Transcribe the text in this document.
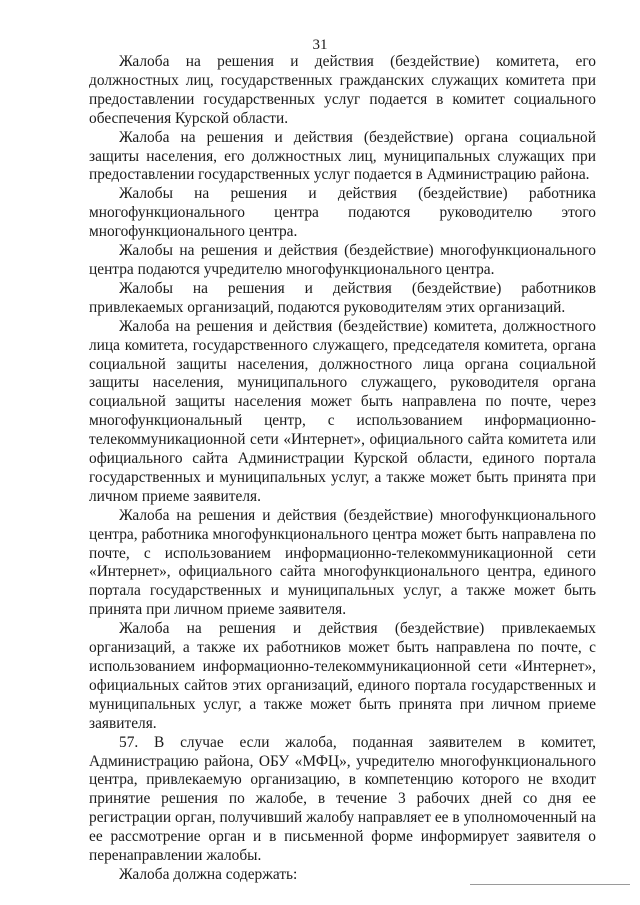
31

Жалоба на решения и действия (бездействие) комитета, его должностных лиц, государственных гражданских служащих комитета при предоставлении государственных услуг подается в комитет социального обеспечения Курской области.

Жалоба на решения и действия (бездействие) органа социальной защиты населения, его должностных лиц, муниципальных служащих при предоставлении государственных услуг подается в Администрацию района.

Жалобы на решения и действия (бездействие) работника многофункционального центра подаются руководителю этого многофункционального центра.

Жалобы на решения и действия (бездействие) многофункционального центра подаются учредителю многофункционального центра.

Жалобы на решения и действия (бездействие) работников привлекаемых организаций, подаются руководителям этих организаций.

Жалоба на решения и действия (бездействие) комитета, должностного лица комитета, государственного служащего, председателя комитета, органа социальной защиты населения, должностного лица органа социальной защиты населения, муниципального служащего, руководителя органа социальной защиты населения может быть направлена по почте, через многофункциональный центр, с использованием информационно-телекоммуникационной сети «Интернет», официального сайта комитета или официального сайта Администрации Курской области, единого портала государственных и муниципальных услуг, а также может быть принята при личном приеме заявителя.

Жалоба на решения и действия (бездействие) многофункционального центра, работника многофункционального центра может быть направлена по почте, с использованием информационно-телекоммуникационной сети «Интернет», официального сайта многофункционального центра, единого портала государственных и муниципальных услуг, а также может быть принята при личном приеме заявителя.

Жалоба на решения и действия (бездействие) привлекаемых организаций, а также их работников может быть направлена по почте, с использованием информационно-телекоммуникационной сети «Интернет», официальных сайтов этих организаций, единого портала государственных и муниципальных услуг, а также может быть принята при личном приеме заявителя.

57. В случае если жалоба, поданная заявителем в комитет, Администрацию района, ОБУ «МФЦ», учредителю многофункционального центра, привлекаемую организацию, в компетенцию которого не входит принятие решения по жалобе, в течение 3 рабочих дней со дня ее регистрации орган, получивший жалобу направляет ее в уполномоченный на ее рассмотрение орган и в письменной форме информирует заявителя о перенаправлении жалобы.

Жалоба должна содержать:
